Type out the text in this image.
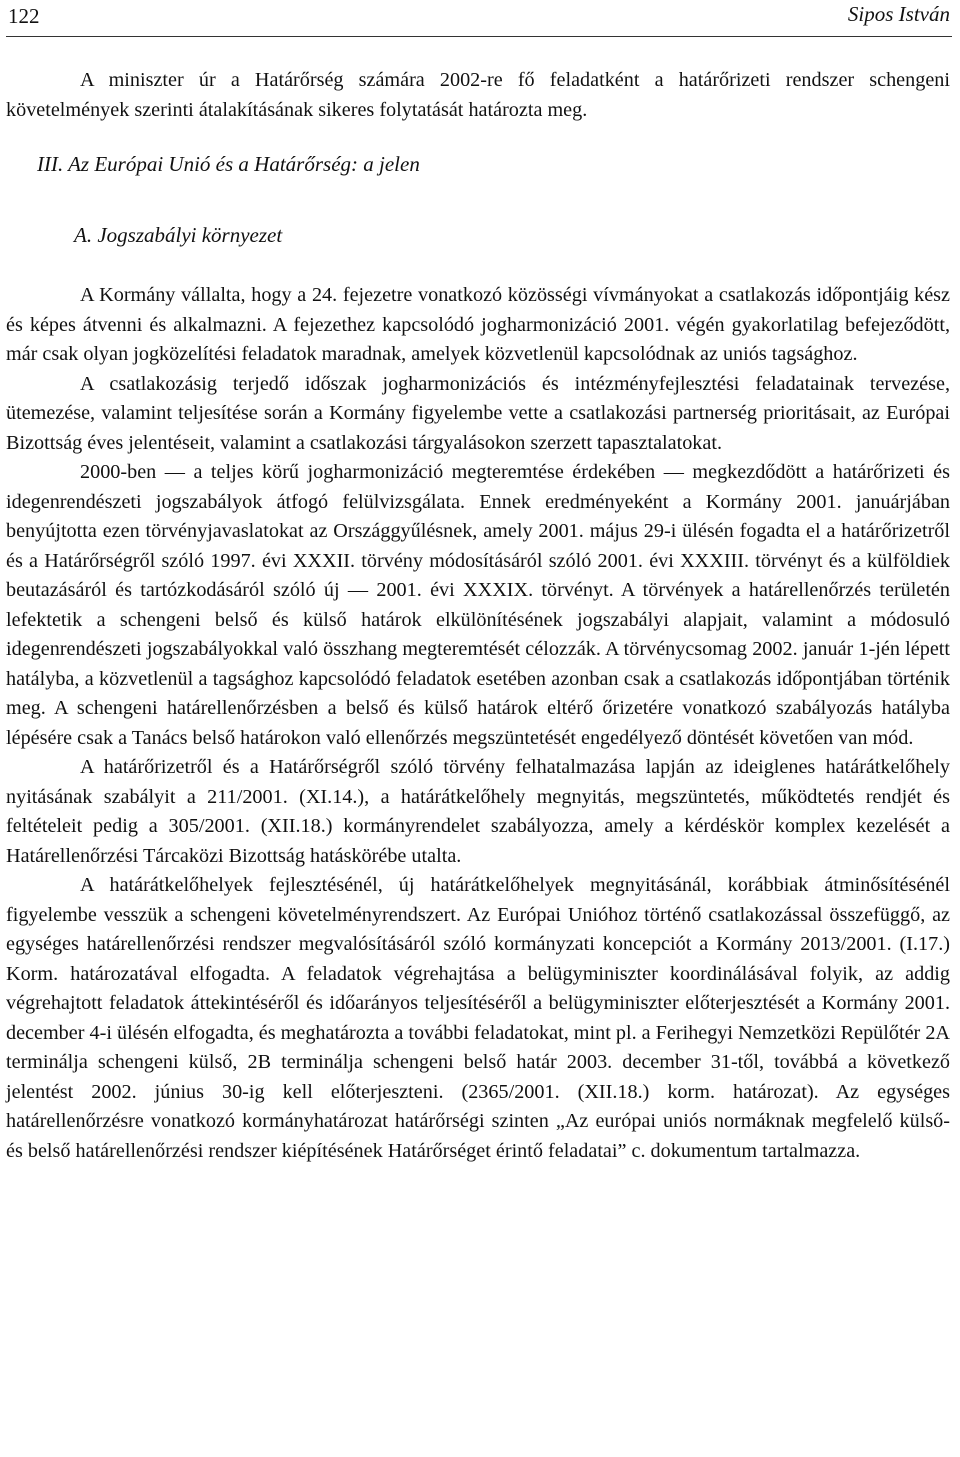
122	Sipos István

A miniszter úr a Határőrség számára 2002-re fő feladatként a határőrizeti rendszer schengeni követelmények szerinti átalakításának sikeres folytatását határozta meg.

III. Az Európai Unió és a Határőrség: a jelen
A. Jogszabályi környezet

A Kormány vállalta, hogy a 24. fejezetre vonatkozó közösségi vívmányokat a csatlakozás időpontjáig kész és képes átvenni és alkalmazni. A fejezethez kapcsolódó jogharmonizáció 2001. végén gyakorlatilag befejeződött, már csak olyan jogközelítési feladatok maradnak, amelyek közvetlenül kapcsolódnak az uniós tagsághoz.

A csatlakozásig terjedő időszak jogharmonizációs és intézményfejlesztési feladatainak tervezése, ütemezése, valamint teljesítése során a Kormány figyelembe vette a csatlakozási partnerség prioritásait, az Európai Bizottság éves jelentéseit, valamint a csatlakozási tárgyalásokon szerzett tapasztalatokat.

2000-ben — a teljes körű jogharmonizáció megteremtése érdekében — megkezdődött a határőrizeti és idegenrendészeti jogszabályok átfogó felülvizsgálata. Ennek eredményeként a Kormány 2001. januárjában benyújtotta ezen törvényjavaslatokat az Országgyűlésnek, amely 2001. május 29-i ülésén fogadta el a határőrizetről és a Határőrségről szóló 1997. évi XXXII. törvény módosításáról szóló 2001. évi XXXIII. törvényt és a külföldiek beutazásáról és tartózkodásáról szóló új — 2001. évi XXXIX. törvényt. A törvények a határellenőrzés területén lefektetik a schengeni belső és külső határok elkülönítésének jogszabályi alapjait, valamint a módosuló idegenrendészeti jogszabályokkal való összhang megteremtését célozzák. A törvénycsomag 2002. január 1-jén lépett hatályba, a közvetlenül a tagsághoz kapcsolódó feladatok esetében azonban csak a csatlakozás időpontjában történik meg. A schengeni határellenőrzésben a belső és külső határok eltérő őrizetére vonatkozó szabályozás hatályba lépésére csak a Tanács belső határokon való ellenőrzés megszüntetését engedélyező döntését követően van mód.

A határőrizetről és a Határőrségről szóló törvény felhatalmazása lapján az ideiglenes határátkelőhely nyitásának szabályit a 211/2001. (XI.14.), a határátkelőhely megnyitás, megszüntetés, működtetés rendjét és feltételeit pedig a 305/2001. (XII.18.) kormányrendelet szabályozza, amely a kérdéskör komplex kezelését a Határellenőrzési Tárcaközi Bizottság hatáskörébe utalta.

A határátkelőhelyek fejlesztésénél, új határátkelőhelyek megnyitásánál, korábbiak átminősítésénél figyelembe vesszük a schengeni követelményrendszert. Az Európai Unióhoz történő csatlakozással összefüggő, az egységes határellenőrzési rendszer megvalósításáról szóló kormányzati koncepciót a Kormány 2013/2001. (I.17.) Korm. határozatával elfogadta. A feladatok végrehajtása a belügyminiszter koordinálásával folyik, az addig végrehajtott feladatok áttekintéséről és időarányos teljesítéséről a belügyminiszter előterjesztését a Kormány 2001. december 4-i ülésén elfogadta, és meghatározta a további feladatokat, mint pl. a Ferihegyi Nemzetközi Repülőtér 2A terminálja schengeni külső, 2B terminálja schengeni belső határ 2003. december 31-től, továbbá a következő jelentést 2002. június 30-ig kell előterjeszteni. (2365/2001. (XII.18.) korm. határozat). Az egységes határellenőrzésre vonatkozó kormányhatározat határőrségi szinten „Az európai uniós normáknak megfelelő külső- és belső határellenőrzési rendszer kiépítésének Határőrséget érintő feladatai” c. dokumentum tartalmazza.
